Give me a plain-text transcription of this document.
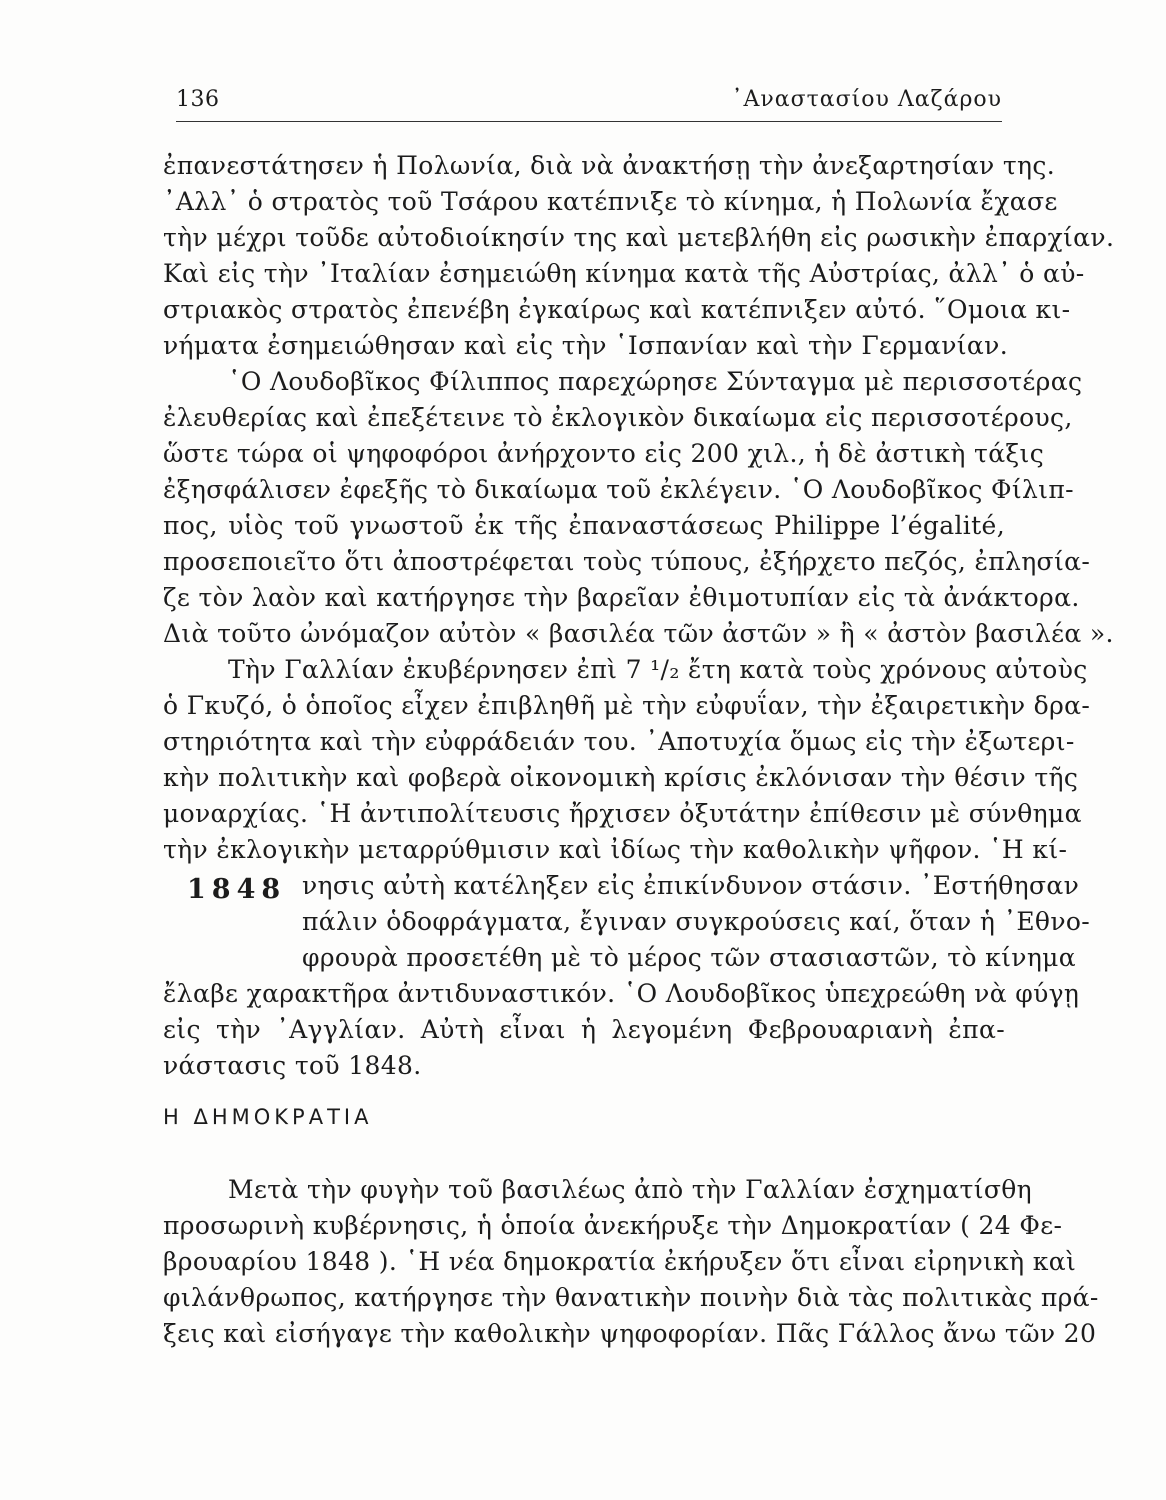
136	᾿Αναστασίου Λαζάρου
ἐπανεστάτησεν ἡ Πολωνία, διὰ νὰ ἀνακτήσῃ τὴν ἀνεξαρτησίαν της.
᾿Αλλ᾿ ὁ στρατὸς τοῦ Τσάρου κατέπνιξε τὸ κίνημα, ἡ Πολωνία ἔχασε
τὴν μέχρι τοῦδε αὐτοδιοίκησίν της καὶ μετεβλήθη εἰς ρωσικὴν ἐπαρχίαν.
Καὶ εἰς τὴν ᾿Ιταλίαν ἐσημειώθη κίνημα κατὰ τῆς Αὐστρίας, ἀλλ᾿ ὁ αὐ-
στριακὸς στρατὸς ἐπενέβη ἐγκαίρως καὶ κατέπνιξεν αὐτό. ῞Ομοια κι-
νήματα ἐσημειώθησαν καὶ εἰς τὴν ῾Ισπανίαν καὶ τὴν Γερμανίαν.
῾Ο Λουδοβῖκος Φίλιππος παρεχώρησε Σύνταγμα μὲ περισσοτέρας
ἐλευθερίας καὶ ἐπεξέτεινε τὸ ἐκλογικὸν δικαίωμα εἰς περισσοτέρους,
ὥστε τώρα οἱ ψηφοφόροι ἀνήρχοντο εἰς 200 χιλ., ἡ δὲ ἀστικὴ τάξις
ἐξησφάλισεν ἐφεξῆς τὸ δικαίωμα τοῦ ἐκλέγειν. ῾Ο Λουδοβῖκος Φίλιπ-
πος, υἱὸς τοῦ γνωστοῦ ἐκ τῆς ἐπαναστάσεως Philippe l’égalité,
προσεποιεῖτο ὅτι ἀποστρέφεται τοὺς τύπους, ἐξήρχετο πεζός, ἐπλησία-
ζε τὸν λαὸν καὶ κατήργησε τὴν βαρεῖαν ἐθιμοτυπίαν εἰς τὰ ἀνάκτορα.
Διὰ τοῦτο ὠνόμαζον αὐτὸν « βασιλέα τῶν ἀστῶν » ἢ « ἀστὸν βασιλέα ».
Τὴν Γαλλίαν ἐκυβέρνησεν ἐπὶ 7 ¹/₂ ἔτη κατὰ τοὺς χρόνους αὐτοὺς
ὁ Γκυζό, ὁ ὁποῖος εἶχεν ἐπιβληθῆ μὲ τὴν εὐφυΐαν, τὴν ἐξαιρετικὴν δρα-
στηριότητα καὶ τὴν εὐφράδειάν του. ᾿Αποτυχία ὅμως εἰς τὴν ἐξωτερι-
κὴν πολιτικὴν καὶ φοβερὰ οἰκονομικὴ κρίσις ἐκλόνισαν τὴν θέσιν τῆς
μοναρχίας. ῾Η ἀντιπολίτευσις ἤρχισεν ὀξυτάτην ἐπίθεσιν μὲ σύνθημα
τὴν ἐκλογικὴν μεταρρύθμισιν καὶ ἰδίως τὴν καθολικὴν ψῆφον. ῾Η κί-
νησις αὐτὴ κατέληξεν εἰς ἐπικίνδυνον στάσιν. ᾿Εστήθησαν
πάλιν ὁδοφράγματα, ἔγιναν συγκρούσεις καί, ὅταν ἡ ᾿Εθνο-
φρουρὰ προσετέθη μὲ τὸ μέρος τῶν στασιαστῶν, τὸ κίνημα
ἔλαβε χαρακτῆρα ἀντιδυναστικόν. ῾Ο Λουδοβῖκος ὑπεχρεώθη νὰ φύγῃ
εἰς τὴν ᾿Αγγλίαν. Αὐτὴ εἶναι ἡ λεγομένη Φεβρουαριανὴ ἐπα-
νάστασις τοῦ 1848.
1848
Η ΔΗΜΟΚΡΑΤΙΑ
Μετὰ τὴν φυγὴν τοῦ βασιλέως ἀπὸ τὴν Γαλλίαν ἐσχηματίσθη
προσωρινὴ κυβέρνησις, ἡ ὁποία ἀνεκήρυξε τὴν Δημοκρατίαν ( 24 Φε-
βρουαρίου 1848 ). ῾Η νέα δημοκρατία ἐκήρυξεν ὅτι εἶναι εἰρηνικὴ καὶ
φιλάνθρωπος, κατήργησε τὴν θανατικὴν ποινὴν διὰ τὰς πολιτικὰς πρά-
ξεις καὶ εἰσήγαγε τὴν καθολικὴν ψηφοφορίαν. Πᾶς Γάλλος ἄνω τῶν 20
